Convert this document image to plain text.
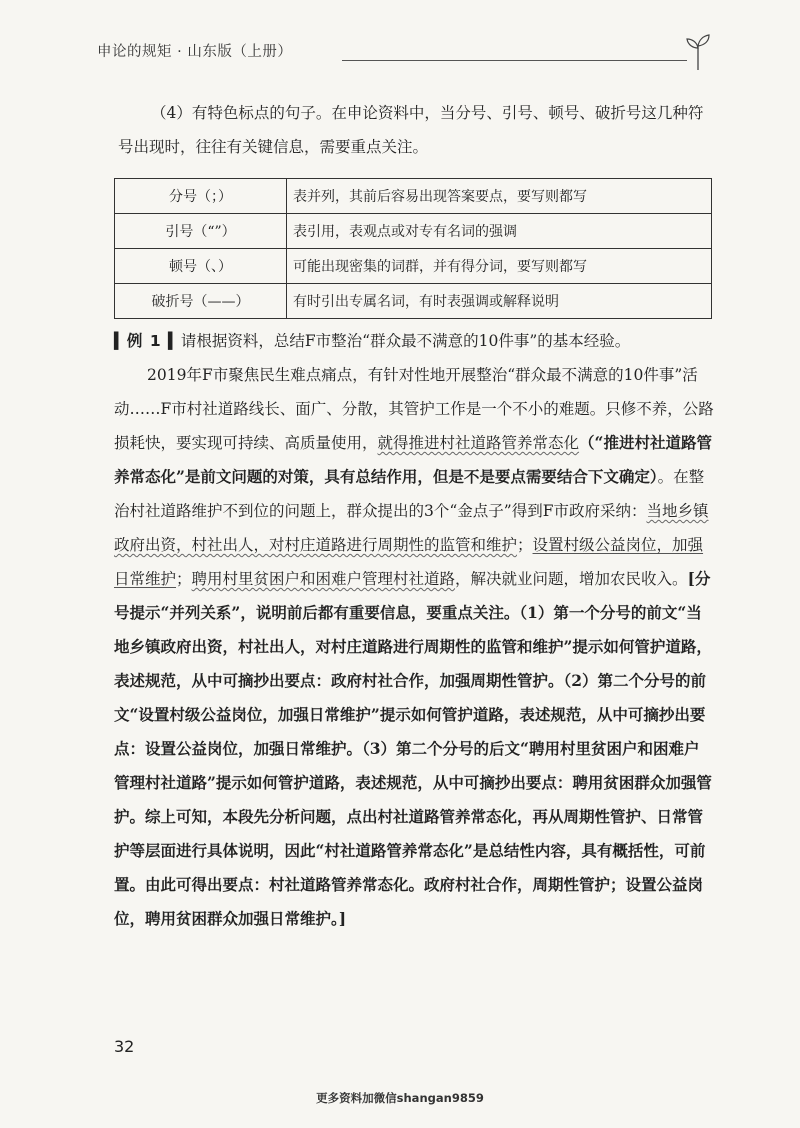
申论的规矩 · 山东版（上册）

（4）有特色标点的句子。在申论资料中，当分号、引号、顿号、破折号这几种符号出现时，往往有关键信息，需要重点关注。

分号（；）	表并列，其前后容易出现答案要点，要写则都写
引号（“”）	表引用，表观点或对专有名词的强调
顿号（、）	可能出现密集的词群，并有得分词，要写则都写
破折号（——）	有时引出专属名词，有时表强调或解释说明

▍例 1 ▍请根据资料，总结F市整治“群众最不满意的10件事”的基本经验。

2019年F市聚焦民生难点痛点，有针对性地开展整治“群众最不满意的10件事”活动……F市村社道路线长、面广、分散，其管护工作是一个不小的难题。只修不养，公路损耗快，要实现可持续、高质量使用，就得推进村社道路管养常态化（“推进村社道路管养常态化”是前文问题的对策，具有总结作用，但是不是要点需要结合下文确定）。在整治村社道路维护不到位的问题上，群众提出的3个“金点子”得到F市政府采纳：当地乡镇政府出资，村社出人，对村庄道路进行周期性的监管和维护；设置村级公益岗位，加强日常维护；聘用村里贫困户和困难户管理村社道路，解决就业问题，增加农民收入。[分号提示“并列关系”，说明前后都有重要信息，要重点关注。（1）第一个分号的前文“当地乡镇政府出资，村社出人，对村庄道路进行周期性的监管和维护”提示如何管护道路，表述规范，从中可摘抄出要点：政府村社合作，加强周期性管护。（2）第二个分号的前文“设置村级公益岗位，加强日常维护”提示如何管护道路，表述规范，从中可摘抄出要点：设置公益岗位，加强日常维护。（3）第二个分号的后文“聘用村里贫困户和困难户管理村社道路”提示如何管护道路，表述规范，从中可摘抄出要点：聘用贫困群众加强管护。综上可知，本段先分析问题，点出村社道路管养常态化，再从周期性管护、日常管护等层面进行具体说明，因此“村社道路管养常态化”是总结性内容，具有概括性，可前置。由此可得出要点：村社道路管养常态化。政府村社合作，周期性管护；设置公益岗位，聘用贫困群众加强日常维护。]

32
更多资料加微信shangan9859
